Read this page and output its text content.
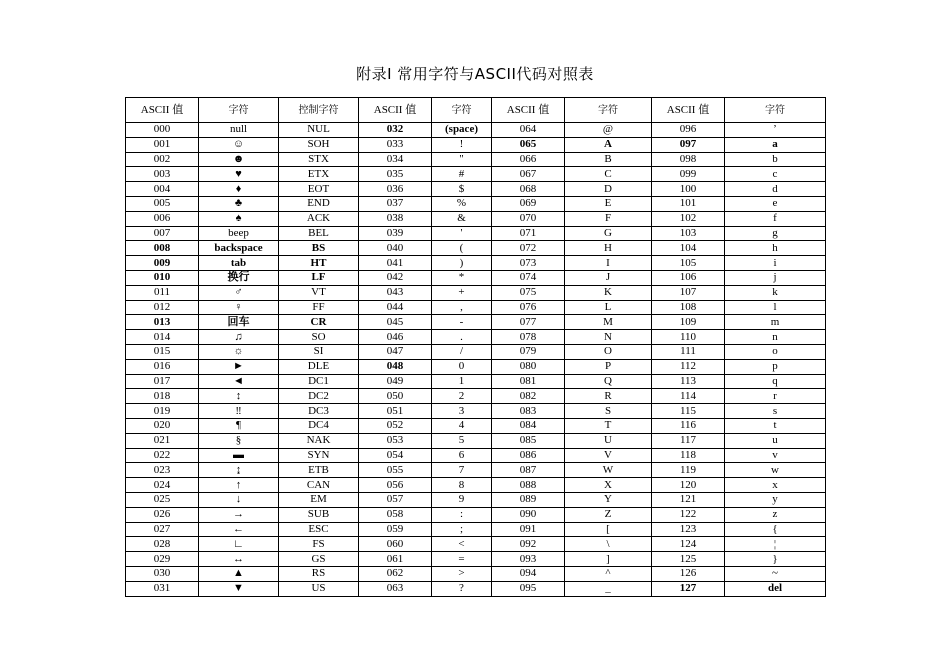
附录Ⅰ 常用字符与ASCII代码对照表
ASCII 值	字符	控制字符	ASCII 值	字符	ASCII 值	字符	ASCII 值	字符
000	null	NUL	032	(space)	064	@	096	’
001	☺	SOH	033	!	065	A	097	a
002	☻	STX	034	"	066	B	098	b
003	♥	ETX	035	#	067	C	099	c
004	♦	EOT	036	$	068	D	100	d
005	♣	END	037	%	069	E	101	e
006	♠	ACK	038	&	070	F	102	f
007	beep	BEL	039	'	071	G	103	g
008	backspace	BS	040	(	072	H	104	h
009	tab	HT	041	)	073	I	105	i
010	换行	LF	042	*	074	J	106	j
011	♂	VT	043	+	075	K	107	k
012	♀	FF	044	,	076	L	108	l
013	回车	CR	045	-	077	M	109	m
014	♫	SO	046	.	078	N	110	n
015	☼	SI	047	/	079	O	111	o
016	►	DLE	048	0	080	P	112	p
017	◄	DC1	049	1	081	Q	113	q
018	↕	DC2	050	2	082	R	114	r
019	‼	DC3	051	3	083	S	115	s
020	¶	DC4	052	4	084	T	116	t
021	§	NAK	053	5	085	U	117	u
022	▬	SYN	054	6	086	V	118	v
023	↨	ETB	055	7	087	W	119	w
024	↑	CAN	056	8	088	X	120	x
025	↓	EM	057	9	089	Y	121	y
026	→	SUB	058	:	090	Z	122	z
027	←	ESC	059	;	091	[	123	{
028	∟	FS	060	<	092	\	124	¦
029	↔	GS	061	=	093	]	125	}
030	▲	RS	062	>	094	^	126	~
031	▼	US	063	?	095	_	127	del
